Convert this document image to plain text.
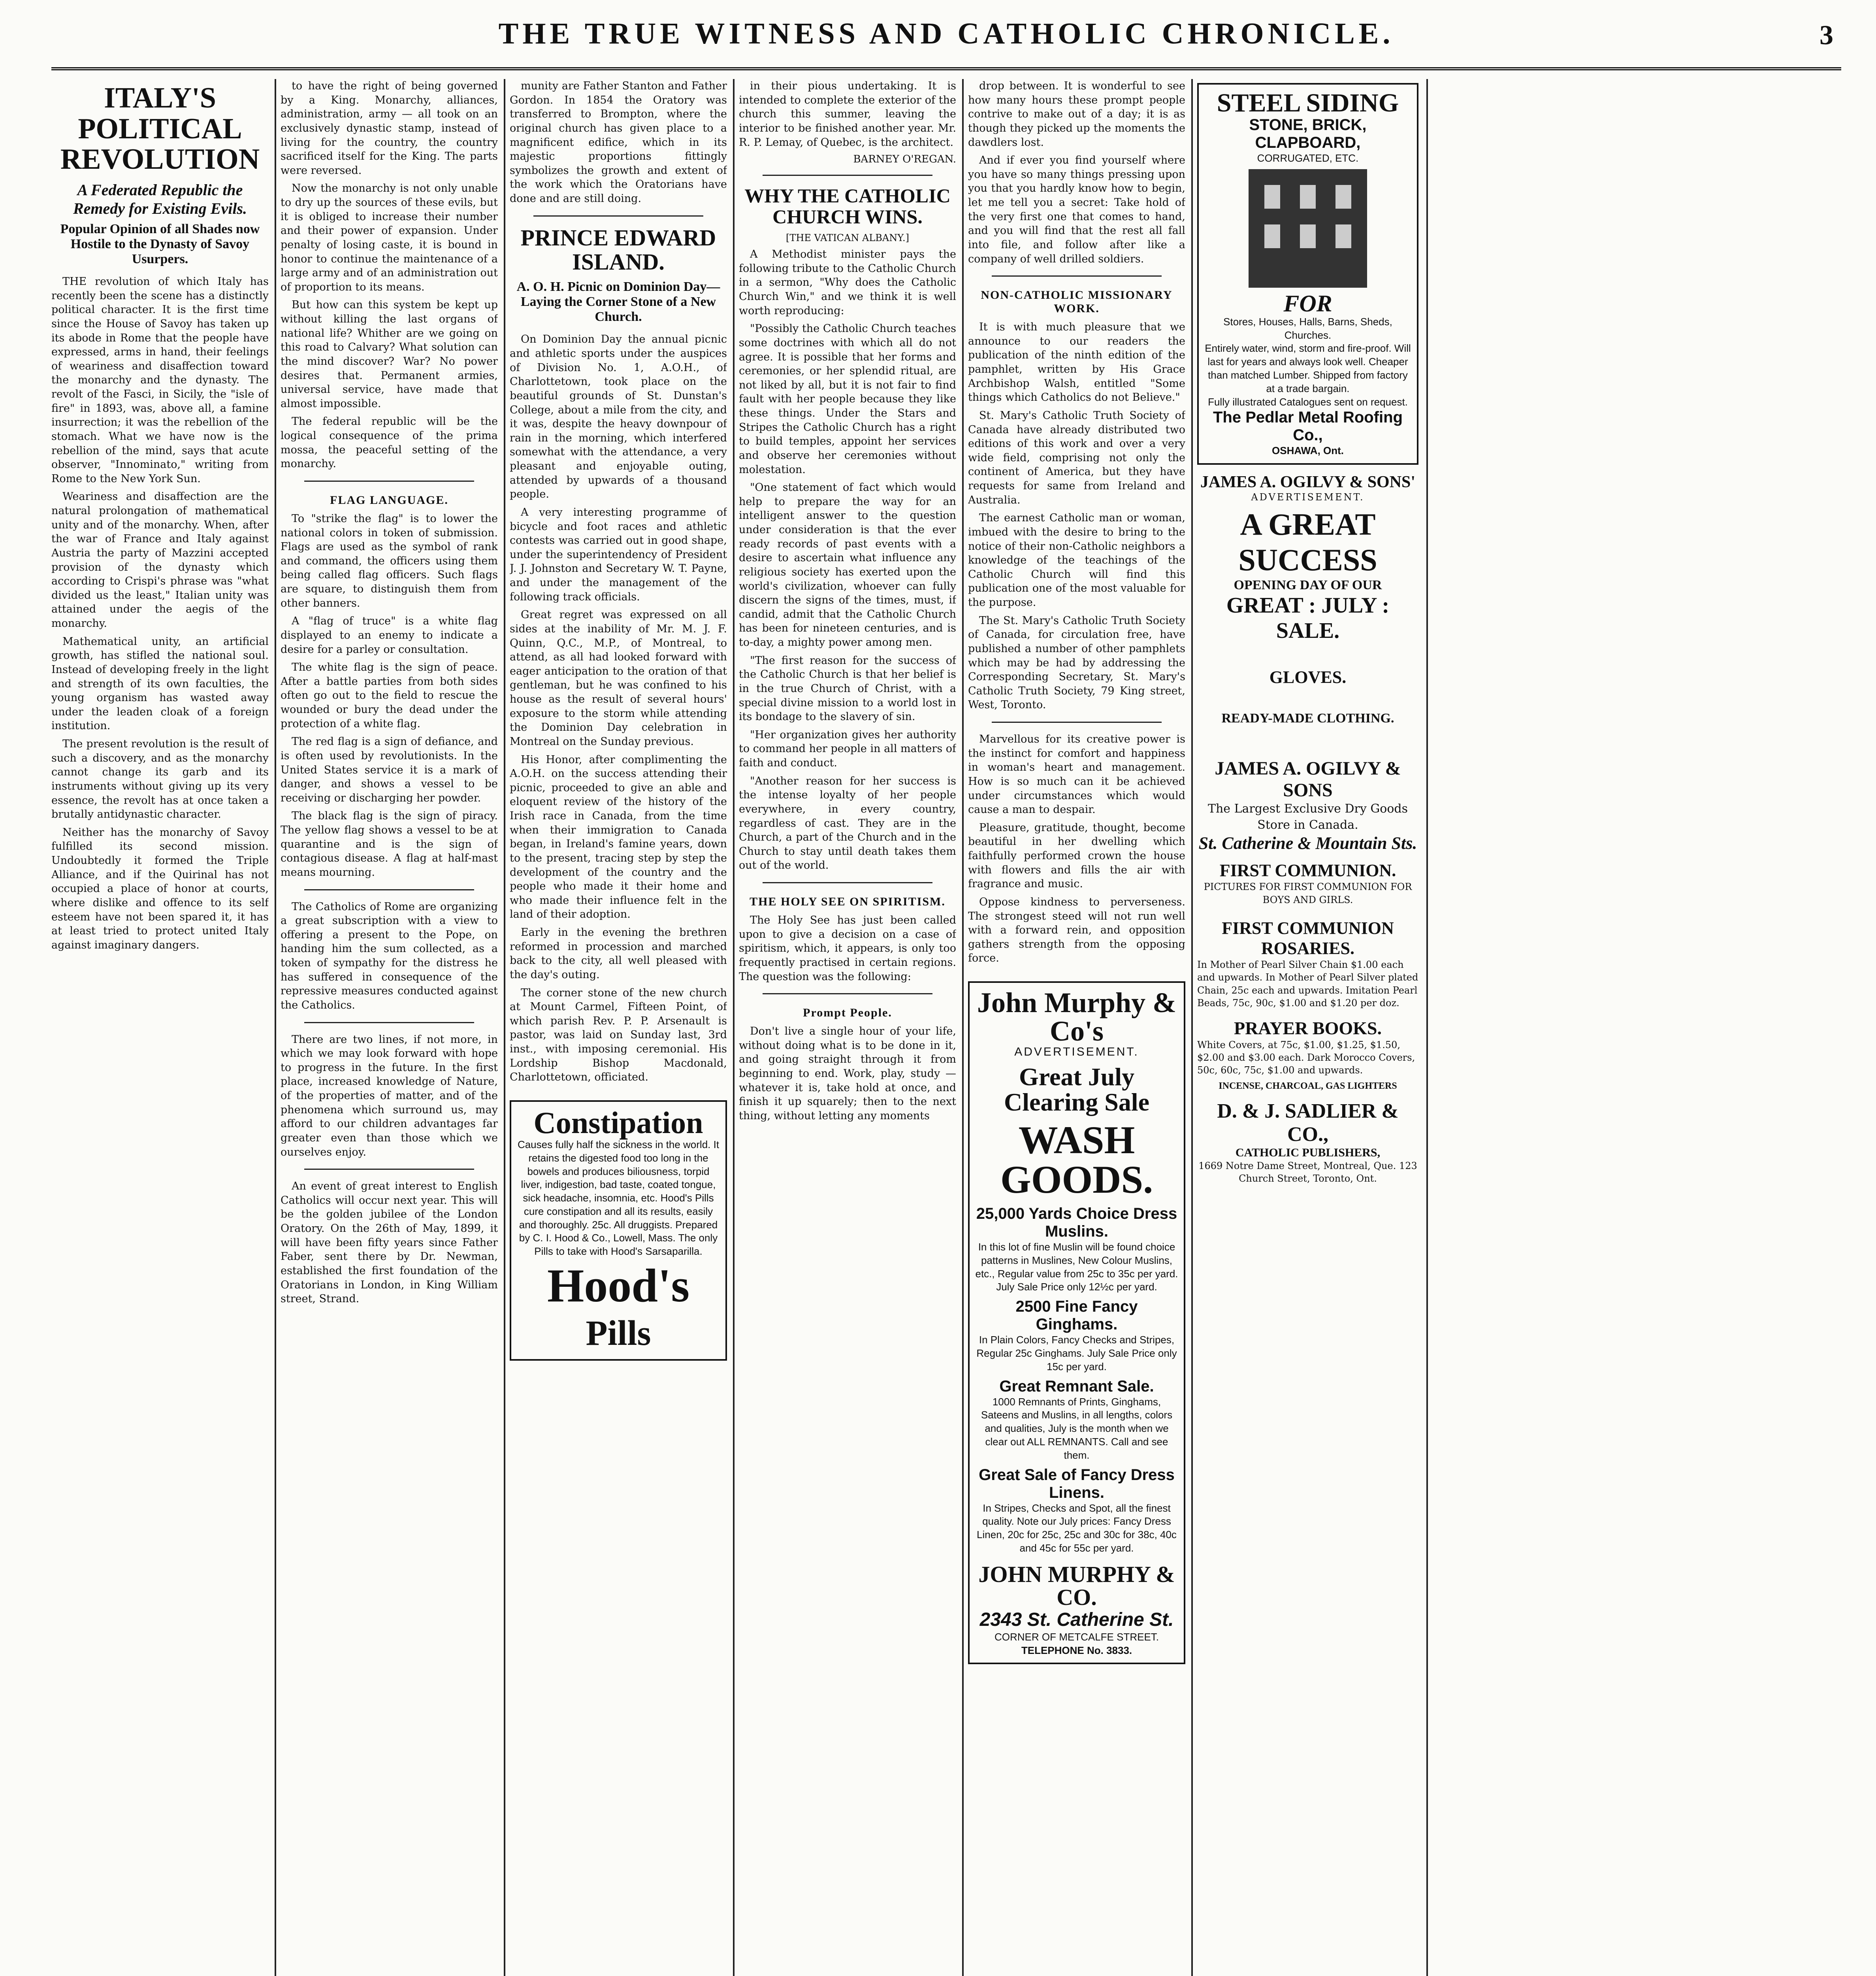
THE TRUE WITNESS AND CATHOLIC CHRONICLE.	3
ITALY'S POLITICAL REVOLUTION
A Federated Republic the Remedy for Existing Evils.
Popular Opinion of all Shades now Hostile to the Dynasty of Savoy Usurpers.

THE revolution of which Italy has recently been the scene has a distinctly political character. It is the first time since the House of Savoy has taken up its abode in Rome that the people have expressed, arms in hand, their feelings of weariness and disaffection toward the monarchy and the dynasty. The revolt of the Fasci, in Sicily, the "isle of fire" in 1893, was, above all, a famine insurrection; it was the rebellion of the stomach. What we have now is the rebellion of the mind, says that acute observer, "Innominato," writing from Rome to the New York Sun.

Weariness and disaffection are the natural prolongation of mathematical unity and of the monarchy. When, after the war of France and Italy against Austria the party of Mazzini accepted provision of the dynasty which according to Crispi's phrase was "what divided us the least," Italian unity was attained under the aegis of the monarchy.

Mathematical unity, an artificial growth, has stifled the national soul. Instead of developing freely in the light and strength of its own faculties, the young organism has wasted away under the leaden cloak of a foreign institution.

The present revolution is the result of such a discovery, and as the monarchy cannot change its garb and its instruments without giving up its very essence, the revolt has at once taken a brutally antidynastic character.

Neither has the monarchy of Savoy fulfilled its second mission. Undoubtedly it formed the Triple Alliance, and if the Quirinal has not occupied a place of honor at courts, where dislike and offence to its self esteem have not been spared it, it has at least tried to protect united Italy against imaginary dangers.

to have the right of being governed by a King. Monarchy, alliances, administration, army — all took on an exclusively dynastic stamp, instead of living for the country, the country sacrificed itself for the King. The parts were reversed.

Now the monarchy is not only unable to dry up the sources of these evils, but it is obliged to increase their number and their power of expansion. Under penalty of losing caste, it is bound in honor to continue the maintenance of a large army and of an administration out of proportion to its means.

But how can this system be kept up without killing the last organs of national life? Whither are we going on this road to Calvary? What solution can the mind discover? War? No power desires that. Permanent armies, universal service, have made that almost impossible.

The federal republic will be the logical consequence of the prima mossa, the peaceful setting of the monarchy.

FLAG LANGUAGE.

To "strike the flag" is to lower the national colors in token of submission. Flags are used as the symbol of rank and command, the officers using them being called flag officers. Such flags are square, to distinguish them from other banners.

A "flag of truce" is a white flag displayed to an enemy to indicate a desire for a parley or consultation.

The white flag is the sign of peace. After a battle parties from both sides often go out to the field to rescue the wounded or bury the dead under the protection of a white flag.

The red flag is a sign of defiance, and is often used by revolutionists. In the United States service it is a mark of danger, and shows a vessel to be receiving or discharging her powder.

The black flag is the sign of piracy. The yellow flag shows a vessel to be at quarantine and is the sign of contagious disease. A flag at half-mast means mourning.

The Catholics of Rome are organizing a great subscription with a view to offering a present to the Pope, on handing him the sum collected, as a token of sympathy for the distress he has suffered in consequence of the repressive measures conducted against the Catholics.

There are two lines, if not more, in which we may look forward with hope to progress in the future. In the first place, increased knowledge of Nature, of the properties of matter, and of the phenomena which surround us, may afford to our children advantages far greater even than those which we ourselves enjoy.

An event of great interest to English Catholics will occur next year. This will be the golden jubilee of the London Oratory. On the 26th of May, 1899, it will have been fifty years since Father Faber, sent there by Dr. Newman, established the first foundation of the Oratorians in London, in King William street, Strand.

munity are Father Stanton and Father Gordon. In 1854 the Oratory was transferred to Brompton, where the original church has given place to a magnificent edifice, which in its majestic proportions fittingly symbolizes the growth and extent of the work which the Oratorians have done and are still doing.

PRINCE EDWARD ISLAND.
A. O. H. Picnic on Dominion Day—Laying the Corner Stone of a New Church.

On Dominion Day the annual picnic and athletic sports under the auspices of Division No. 1, A.O.H., of Charlottetown, took place on the beautiful grounds of St. Dunstan's College, about a mile from the city, and it was, despite the heavy downpour of rain in the morning, which interfered somewhat with the attendance, a very pleasant and enjoyable outing, attended by upwards of a thousand people.

A very interesting programme of bicycle and foot races and athletic contests was carried out in good shape, under the superintendency of President J. J. Johnston and Secretary W. T. Payne, and under the management of the following track officials.

Great regret was expressed on all sides at the inability of Mr. M. J. F. Quinn, Q.C., M.P., of Montreal, to attend, as all had looked forward with eager anticipation to the oration of that gentleman, but he was confined to his house as the result of several hours' exposure to the storm while attending the Dominion Day celebration in Montreal on the Sunday previous.

His Honor, after complimenting the A.O.H. on the success attending their picnic, proceeded to give an able and eloquent review of the history of the Irish race in Canada, from the time when their immigration to Canada began, in Ireland's famine years, down to the present, tracing step by step the development of the country and the people who made it their home and who made their influence felt in the land of their adoption.

Early in the evening the brethren reformed in procession and marched back to the city, all well pleased with the day's outing.

The corner stone of the new church at Mount Carmel, Fifteen Point, of which parish Rev. P. P. Arsenault is pastor, was laid on Sunday last, 3rd inst., with imposing ceremonial. His Lordship Bishop Macdonald, Charlottetown, officiated.

Constipation
Causes fully half the sickness in the world. It retains the digested food too long in the bowels and produces biliousness, torpid liver, indigestion, bad taste, coated tongue, sick headache, insomnia, etc. Hood's Pills cure constipation and all its results, easily and thoroughly. 25c. All druggists. Prepared by C. I. Hood & Co., Lowell, Mass. The only Pills to take with Hood's Sarsaparilla.
Hood's
Pills

in their pious undertaking. It is intended to complete the exterior of the church this summer, leaving the interior to be finished another year. Mr. R. P. Lemay, of Quebec, is the architect.

BARNEY O'REGAN.
WHY THE CATHOLIC CHURCH WINS.
[THE VATICAN ALBANY.]

A Methodist minister pays the following tribute to the Catholic Church in a sermon, "Why does the Catholic Church Win," and we think it is well worth reproducing:

"Possibly the Catholic Church teaches some doctrines with which all do not agree. It is possible that her forms and ceremonies, or her splendid ritual, are not liked by all, but it is not fair to find fault with her people because they like these things. Under the Stars and Stripes the Catholic Church has a right to build temples, appoint her services and observe her ceremonies without molestation.

"One statement of fact which would help to prepare the way for an intelligent answer to the question under consideration is that the ever ready records of past events with a desire to ascertain what influence any religious society has exerted upon the world's civilization, whoever can fully discern the signs of the times, must, if candid, admit that the Catholic Church has been for nineteen centuries, and is to-day, a mighty power among men.

"The first reason for the success of the Catholic Church is that her belief is in the true Church of Christ, with a special divine mission to a world lost in its bondage to the slavery of sin.

"Her organization gives her authority to command her people in all matters of faith and conduct.

"Another reason for her success is the intense loyalty of her people everywhere, in every country, regardless of cast. They are in the Church, a part of the Church and in the Church to stay until death takes them out of the world.

THE HOLY SEE ON SPIRITISM.

The Holy See has just been called upon to give a decision on a case of spiritism, which, it appears, is only too frequently practised in certain regions. The question was the following:

Prompt People.

Don't live a single hour of your life, without doing what is to be done in it, and going straight through it from beginning to end. Work, play, study — whatever it is, take hold at once, and finish it up squarely; then to the next thing, without letting any moments

drop between. It is wonderful to see how many hours these prompt people contrive to make out of a day; it is as though they picked up the moments the dawdlers lost.

And if ever you find yourself where you have so many things pressing upon you that you hardly know how to begin, let me tell you a secret: Take hold of the very first one that comes to hand, and you will find that the rest all fall into file, and follow after like a company of well drilled soldiers.

NON-CATHOLIC MISSIONARY WORK.

It is with much pleasure that we announce to our readers the publication of the ninth edition of the pamphlet, written by His Grace Archbishop Walsh, entitled "Some things which Catholics do not Believe."

St. Mary's Catholic Truth Society of Canada have already distributed two editions of this work and over a very wide field, comprising not only the continent of America, but they have requests for same from Ireland and Australia.

The earnest Catholic man or woman, imbued with the desire to bring to the notice of their non-Catholic neighbors a knowledge of the teachings of the Catholic Church will find this publication one of the most valuable for the purpose.

The St. Mary's Catholic Truth Society of Canada, for circulation free, have published a number of other pamphlets which may be had by addressing the Corresponding Secretary, St. Mary's Catholic Truth Society, 79 King street, West, Toronto.

Marvellous for its creative power is the instinct for comfort and happiness in woman's heart and management. How is so much can it be achieved under circumstances which would cause a man to despair.

Pleasure, gratitude, thought, become beautiful in her dwelling which faithfully performed crown the house with flowers and fills the air with fragrance and music.

Oppose kindness to perverseness. The strongest steed will not run well with a forward rein, and opposition gathers strength from the opposing force.

John Murphy & Co's
ADVERTISEMENT.
Great July Clearing Sale
WASH GOODS.
25,000 Yards Choice Dress Muslins.
In this lot of fine Muslin will be found choice patterns in Muslines, New Colour Muslins, etc., Regular value from 25c to 35c per yard. July Sale Price only 12½c per yard.
2500 Fine Fancy Ginghams.
In Plain Colors, Fancy Checks and Stripes, Regular 25c Ginghams. July Sale Price only 15c per yard.
Great Remnant Sale.
1000 Remnants of Prints, Ginghams, Sateens and Muslins, in all lengths, colors and qualities, July is the month when we clear out ALL REMNANTS. Call and see them.
Great Sale of Fancy Dress Linens.
In Stripes, Checks and Spot, all the finest quality. Note our July prices: Fancy Dress Linen, 20c for 25c, 25c and 30c for 38c, 40c and 45c for 55c per yard.
JOHN MURPHY & CO.
2343 St. Catherine St.
CORNER OF METCALFE STREET.
TELEPHONE No. 3833.
STEEL SIDING
STONE, BRICK, CLAPBOARD,
CORRUGATED, ETC.
FOR
Stores, Houses, Halls, Barns, Sheds, Churches.
Entirely water, wind, storm and fire-proof. Will last for years and always look well. Cheaper than matched Lumber. Shipped from factory at a trade bargain.
Fully illustrated Catalogues sent on request.
The Pedlar Metal Roofing Co.,
OSHAWA, Ont.
JAMES A. OGILVY & SONS'
ADVERTISEMENT.
A GREAT SUCCESS
OPENING DAY OF OUR
GREAT : JULY : SALE.
GLOVES.
READY-MADE CLOTHING.
JAMES A. OGILVY & SONS
The Largest Exclusive Dry Goods Store in Canada.
St. Catherine & Mountain Sts.
FIRST COMMUNION.
PICTURES FOR FIRST COMMUNION FOR BOYS AND GIRLS.
FIRST COMMUNION ROSARIES.
In Mother of Pearl Silver Chain $1.00 each and upwards. In Mother of Pearl Silver plated Chain, 25c each and upwards. Imitation Pearl Beads, 75c, 90c, $1.00 and $1.20 per doz.
PRAYER BOOKS.
White Covers, at 75c, $1.00, $1.25, $1.50, $2.00 and $3.00 each. Dark Morocco Covers, 50c, 60c, 75c, $1.00 and upwards.
INCENSE, CHARCOAL, GAS LIGHTERS
D. & J. SADLIER & CO.,
CATHOLIC PUBLISHERS,
1669 Notre Dame Street, Montreal, Que. 123 Church Street, Toronto, Ont.
